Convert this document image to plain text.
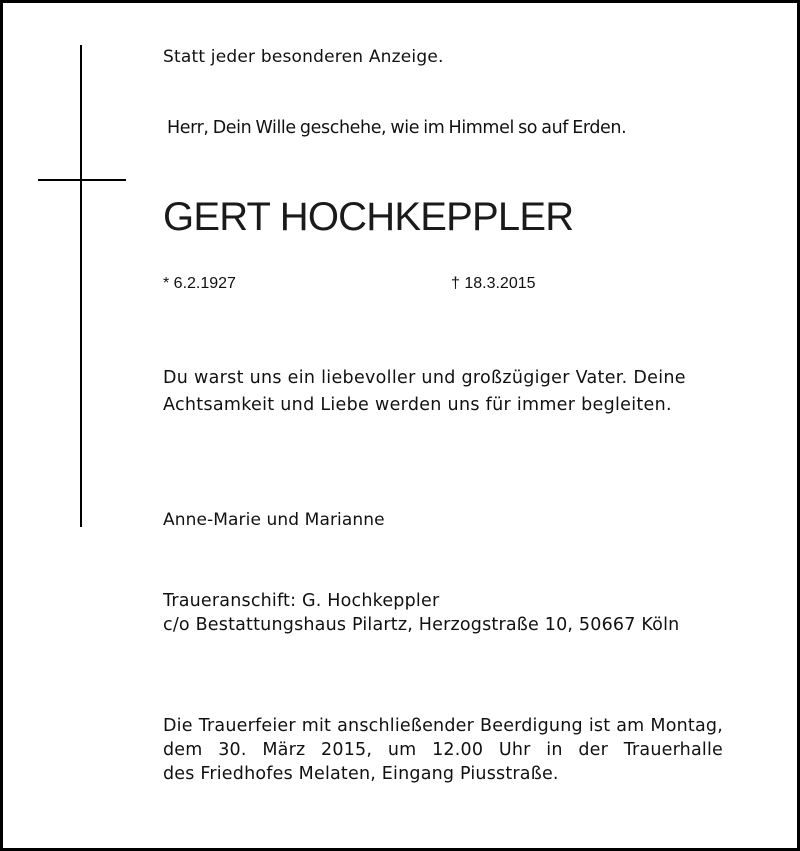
Statt jeder besonderen Anzeige.
Herr, Dein Wille geschehe, wie im Himmel so auf Erden.
GERT HOCHKEPPLER
* 6.2.1927	† 18.3.2015
Du warst uns ein liebevoller und großzügiger Vater. Deine
Achtsamkeit und Liebe werden uns für immer begleiten.
Anne-Marie und Marianne
Traueranschift: G. Hochkeppler
c/o Bestattungshaus Pilartz, Herzogstraße 10, 50667 Köln
Die Trauerfeier mit anschließender Beerdigung ist am Montag,
dem 30. März 2015, um 12.00 Uhr in der Trauerhalle
des Friedhofes Melaten, Eingang Piusstraße.
